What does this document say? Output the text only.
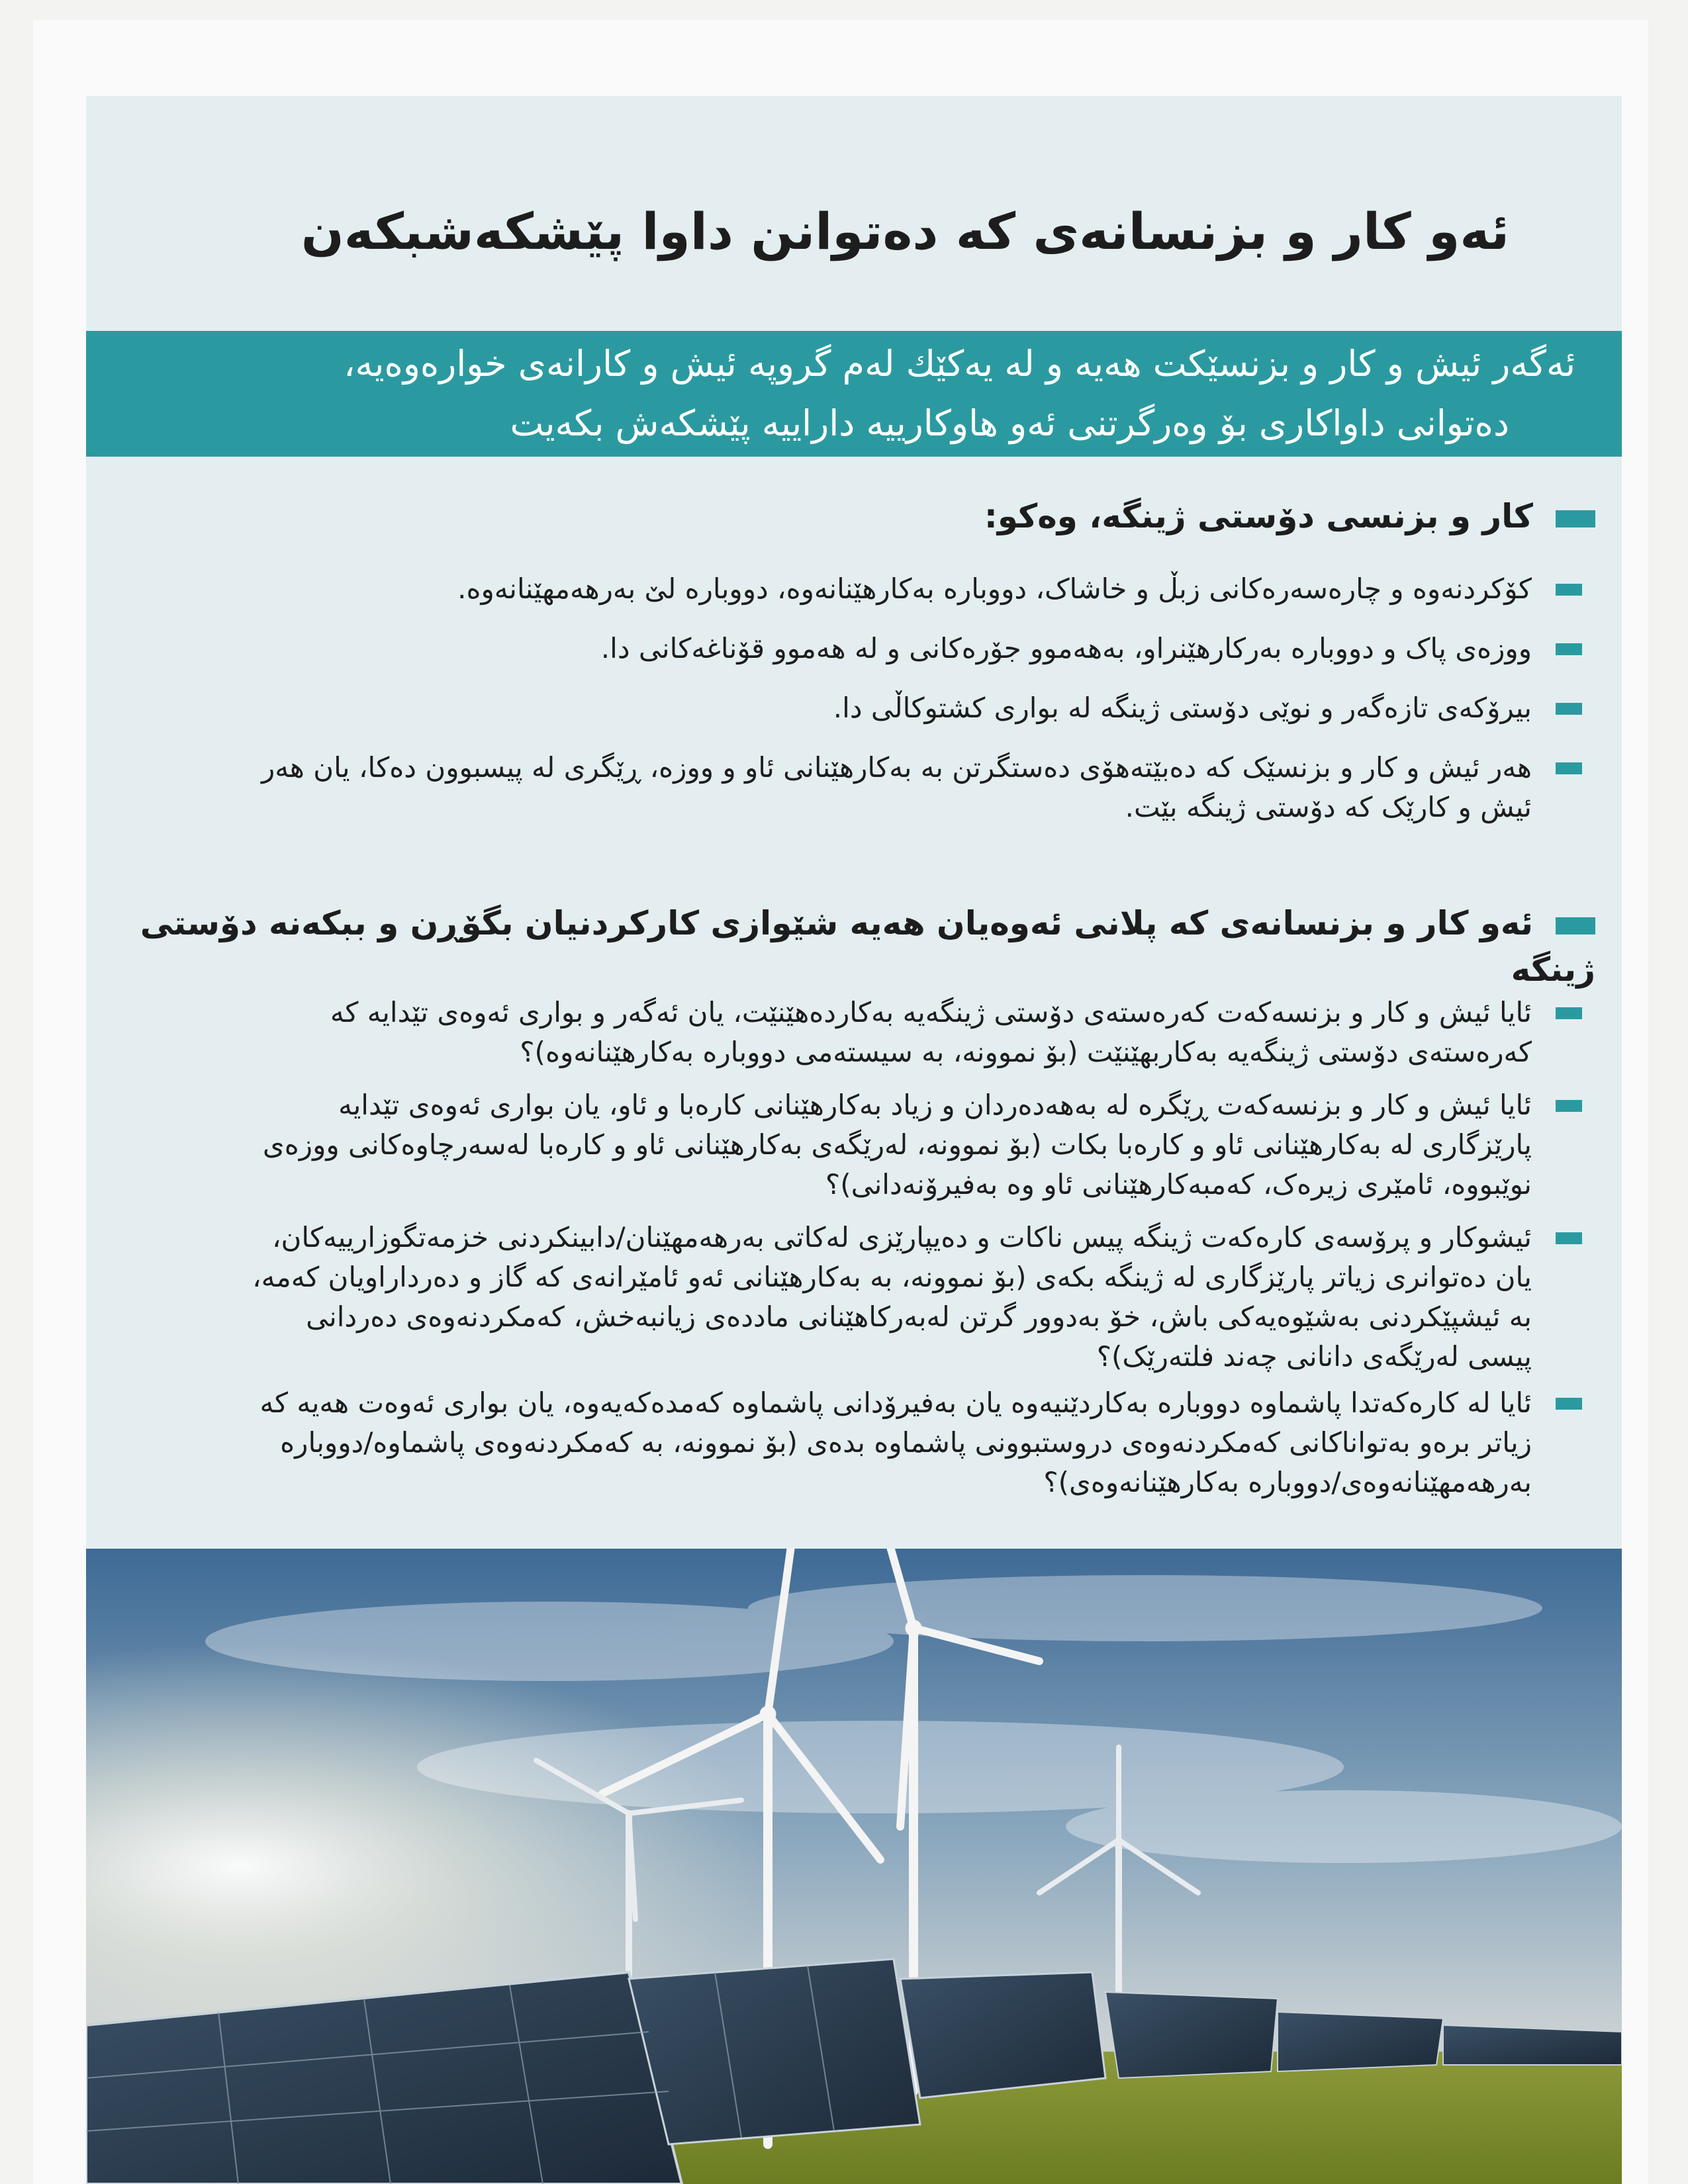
ئەو کار و بزنسانەی کە دەتوانن داوا پێشکەشبکەن

ئەگەر ئیش و کار و بزنسێکت هەیە و لە یەکێك لەم گروپە ئیش و کارانەی خوارەوەیە،

دەتوانی داواکاری بۆ وەرگرتنی ئەو هاوکارییە دارایيە پێشکەش بکەیت

کار و بزنسی دۆستی ژینگە، وەکو:
کۆکردنەوە و چارەسەرەکانی زبڵ و خاشاک، دووبارە بەکارهێنانەوە، دووبارە لێ بەرهەمهێنانەوە.
ووزەی پاک و دووبارە بەرکارهێنراو، بەهەموو جۆرەکانی و لە هەموو قۆناغەکانی دا.
بیرۆکەی تازەگەر و نوێی دۆستی ژینگە لە بواری کشتوکاڵی دا.
هەر ئیش و کار و بزنسێک کە دەبێتەهۆی دەستگرتن بە بەکارهێنانی ئاو و ووزە، ڕێگری لە پیسبوون دەکا، یان هەر ئیش و کارێک کە دۆستی ژینگە بێت.
ئەو کار و بزنسانەی کە پلانی ئەوەیان هەیە شێوازی کارکردنیان بگۆڕن و ببکەنە دۆستی ژینگە
ئایا ئیش و کار و بزنسەکەت کەرەستەی دۆستی ژینگەیە بەکاردەهێنێت، یان ئەگەر و بواری ئەوەی تێدایە کە کەرەستەی دۆستی ژینگەیە بەکاربهێنێت (بۆ نموونە، بە سیستەمی دووبارە بەکارهێنانەوە)؟
ئایا ئیش و کار و بزنسەکەت ڕێگرە لە بەهەدەردان و زیاد بەکارهێنانی کارەبا و ئاو، یان بواری ئەوەی تێدایە پارێزگاری لە بەکارهێنانی ئاو و کارەبا بکات (بۆ نموونە، لەرێگەی بەکارهێنانی ئاو و کارەبا لەسەرچاوەکانی ووزەی نوێبووە، ئامێری زیرەک، کەمبەکارهێنانی ئاو وە بەفیرۆنەدانی)؟
ئیشوکار و پرۆسەی کارەکەت ژینگە پیس ناکات و دەیپارێزی لەکاتی بەرهەمهێنان/دابینکردنی خزمەتگوزارییەکان، یان دەتوانری زیاتر پارێزگاری لە ژینگە بکەی (بۆ نموونە، بە بەکارهێنانی ئەو ئامێرانەی کە گاز و دەرداراویان کەمە، بە ئیشپێکردنی بەشێوەیەکی باش، خۆ بەدوور گرتن لەبەرکاهێنانی ماددەی زیانبەخش، کەمکردنەوەی دەردانی پیسی لەرێگەی دانانی چەند فلتەرێک)؟
ئایا لە کارەکەتدا پاشماوە دووبارە بەکاردێنیەوە یان بەفیرۆدانی پاشماوە کەمدەکەیەوە، یان بواری ئەوەت هەیە کە زیاتر برەو بەتواناکانی کەمکردنەوەی دروستبوونی پاشماوە بدەی (بۆ نموونە، بە کەمکردنەوەی پاشماوە/دووبارە بەرهەمهێنانەوەی/دووبارە بەکارهێنانەوەی)؟
